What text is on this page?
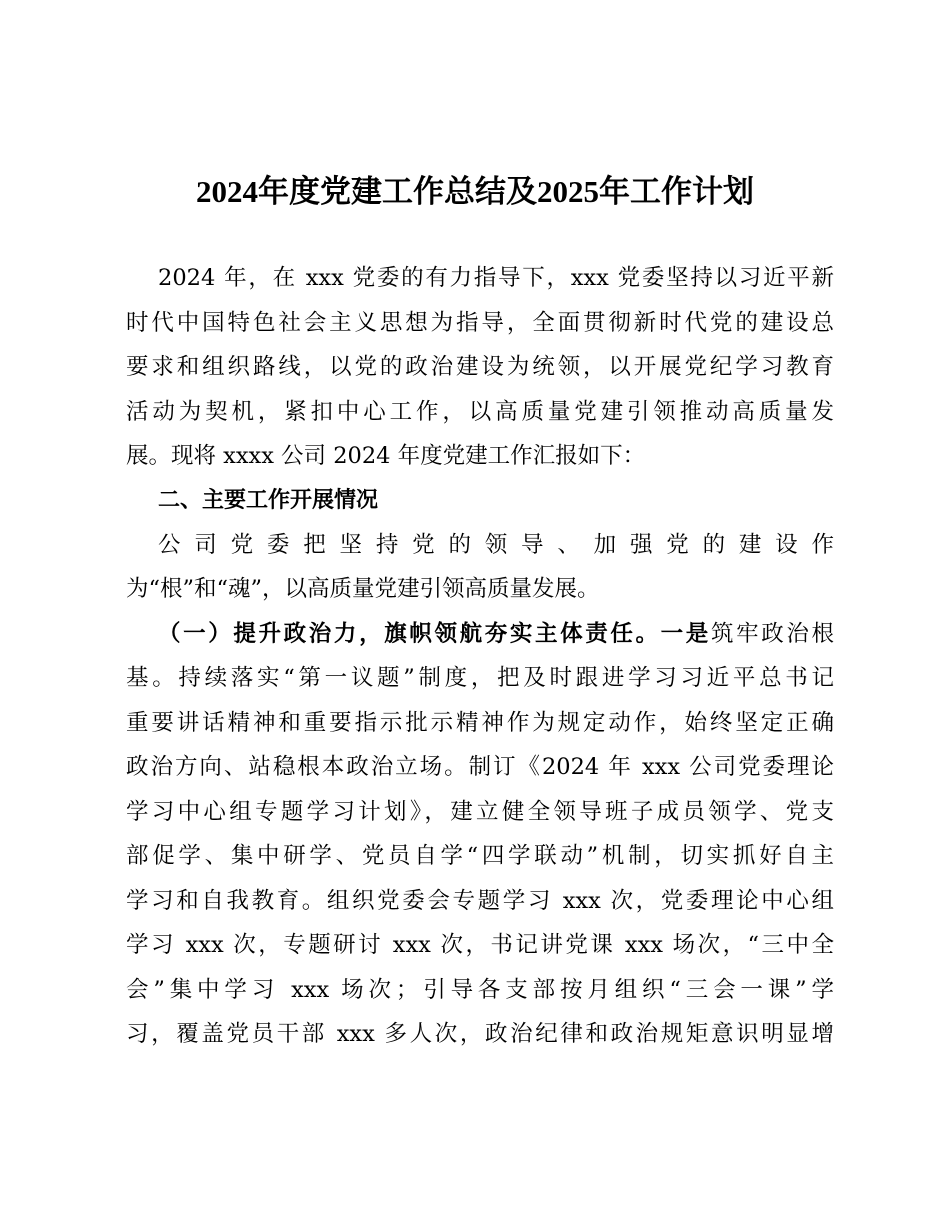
2024年度党建工作总结及2025年工作计划
2024 年，在 xxx 党委的有力指导下，xxx 党委坚持以习近平新
时代中国特色社会主义思想为指导，全面贯彻新时代党的建设总
要求和组织路线，以党的政治建设为统领，以开展党纪学习教育
活动为契机，紧扣中心工作，以高质量党建引领推动高质量发
展。现将 xxxx 公司 2024 年度党建工作汇报如下：
二、主要工作开展情况
公司党委把坚持党的领导、加强党的建设作
为“根”和“魂”，以高质量党建引领高质量发展。
（一）提升政治力，旗帜领航夯实主体责任。一是筑牢政治根
基。持续落实“第一议题”制度，把及时跟进学习习近平总书记
重要讲话精神和重要指示批示精神作为规定动作，始终坚定正确
政治方向、站稳根本政治立场。制订《2024 年 xxx 公司党委理论
学习中心组专题学习计划》，建立健全领导班子成员领学、党支
部促学、集中研学、党员自学“四学联动”机制，切实抓好自主
学习和自我教育。组织党委会专题学习 xxx 次，党委理论中心组
学习 xxx 次，专题研讨 xxx 次，书记讲党课 xxx 场次，“三中全
会”集中学习 xxx 场次；引导各支部按月组织“三会一课”学
习，覆盖党员干部 xxx 多人次，政治纪律和政治规矩意识明显增
